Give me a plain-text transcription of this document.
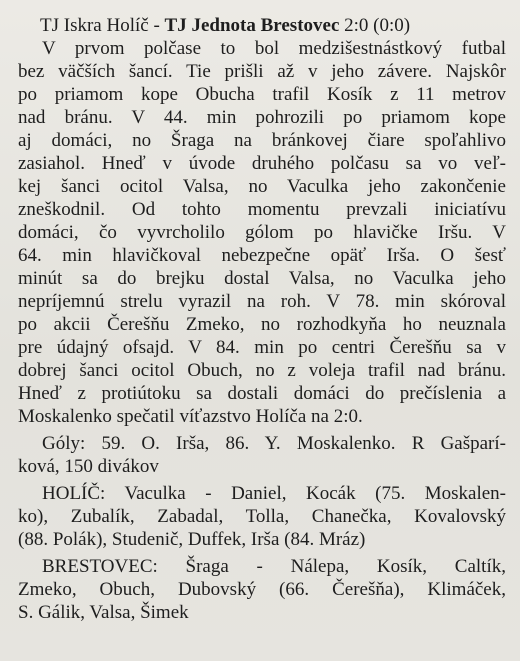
TJ Iskra Holíč - TJ Jednota Brestovec 2:0 (0:0)

V prvom polčase to bol medzišestnástkový futbal
bez väčších šancí. Tie prišli až v jeho závere. Najskôr
po priamom kope Obucha trafil Kosík z 11 metrov
nad bránu. V 44. min pohrozili po priamom kope
aj domáci, no Šraga na bránkovej čiare spoľahlivo
zasiahol. Hneď v úvode druhého polčasu sa vo veľ-
kej šanci ocitol Valsa, no Vaculka jeho zakončenie
zneškodnil. Od tohto momentu prevzali iniciatívu
domáci, čo vyvrcholilo gólom po hlavičke Iršu. V
64. min hlavičkoval nebezpečne opäť Irša. O šesť
minút sa do brejku dostal Valsa, no Vaculka jeho
nepríjemnú strelu vyrazil na roh. V 78. min skóroval
po akcii Čerešňu Zmeko, no rozhodkyňa ho neuznala
pre údajný ofsajd. V 84. min po centri Čerešňu sa v
dobrej šanci ocitol Obuch, no z voleja trafil nad bránu.
Hneď z protiútoku sa dostali domáci do prečíslenia a
Moskalenko spečatil víťazstvo Holíča na 2:0.

Góly: 59. O. Irša, 86. Y. Moskalenko. R Gašparí-
ková, 150 divákov

HOLÍČ: Vaculka - Daniel, Kocák (75. Moskalen-
ko), Zubalík, Zabadal, Tolla, Chanečka, Kovalovský
(88. Polák), Studenič, Duffek, Irša (84. Mráz)

BRESTOVEC: Šraga - Nálepa, Kosík, Caltík,
Zmeko, Obuch, Dubovský (66. Čerešňa), Klimáček,
S. Gálik, Valsa, Šimek
